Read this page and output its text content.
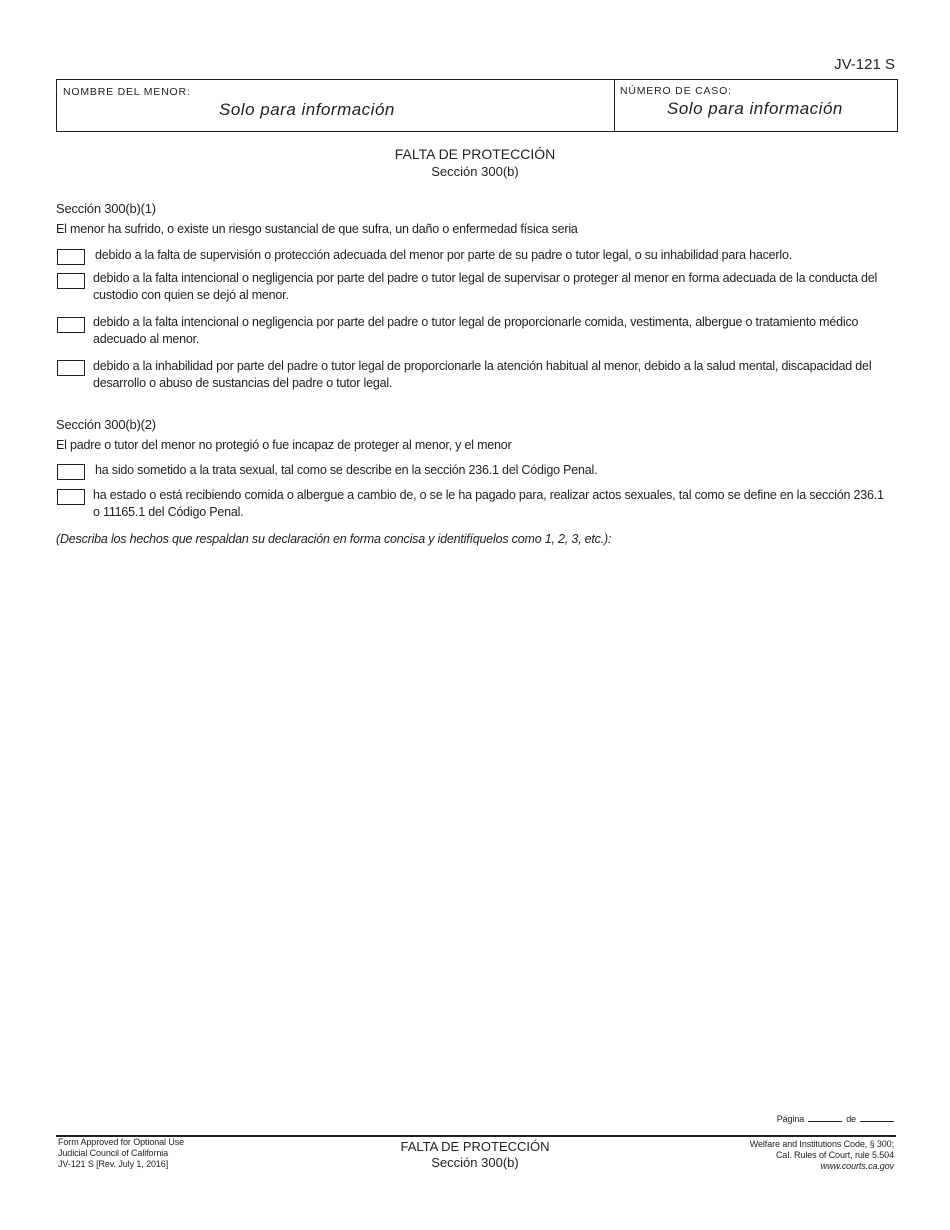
JV-121 S
NOMBRE DEL MENOR:
Solo para información
NÚMERO DE CASO:
Solo para información
FALTA DE PROTECCIÓN
Sección 300(b)
Sección 300(b)(1)
El menor ha sufrido, o existe un riesgo sustancial de que sufra, un daño o enfermedad física seria
debido a la falta de supervisión o protección adecuada del menor por parte de su padre o tutor legal, o su inhabilidad para hacerlo.
debido a la falta intencional o negligencia por parte del padre o tutor legal de supervisar o proteger al menor en forma adecuada de la conducta del custodio con quien se dejó al menor.
debido a la falta intencional o negligencia por parte del padre o tutor legal de proporcionarle comida, vestimenta, albergue o tratamiento médico adecuado al menor.
debido a la inhabilidad por parte del padre o tutor legal de proporcionarle la atención habitual al menor, debido a la salud mental, discapacidad del desarrollo o abuso de sustancias del padre o tutor legal.
Sección 300(b)(2)
El padre o tutor del menor no protegió o fue incapaz de proteger al menor, y el menor
ha sido sometido a la trata sexual, tal como se describe en la sección 236.1 del Código Penal.
ha estado o está recibiendo comida o albergue a cambio de, o se le ha pagado para, realizar actos sexuales, tal como se define en la sección 236.1 o 11165.1 del Código Penal.
(Describa los hechos que respaldan su declaración en forma concisa y identifíquelos como 1, 2, 3, etc.):
Página	de
Form Approved for Optional Use
Judicial Council of California
JV-121 S [Rev. July 1, 2016]
FALTA DE PROTECCIÓN
Sección 300(b)
Welfare and Institutions Code, § 300;
Cal. Rules of Court, rule 5.504
www.courts.ca.gov
